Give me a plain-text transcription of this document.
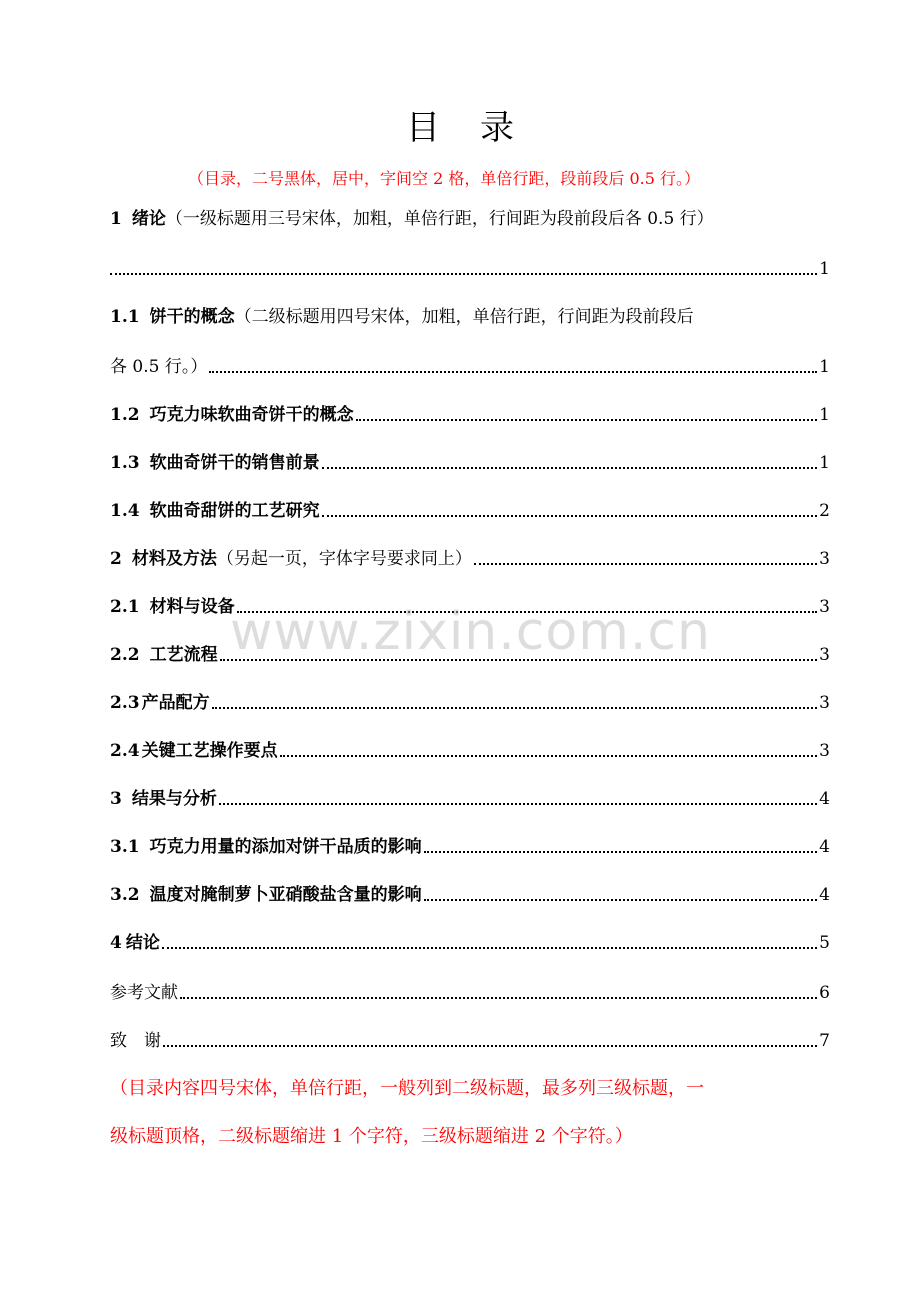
目 录
（目录，二号黑体，居中，字间空 2 格，单倍行距，段前段后 0.5 行。）
1 绪论（一级标题用三号宋体，加粗，单倍行距，行间距为段前段后各 0.5 行）
1
1.1 饼干的概念（二级标题用四号宋体，加粗，单倍行距，行间距为段前段后
各 0.5 行。）	1
1.2 巧克力味软曲奇饼干的概念	1
1.3 软曲奇饼干的销售前景	1
1.4 软曲奇甜饼的工艺研究	2
2 材料及方法（另起一页，字体字号要求同上）	3
2.1 材料与设备	3
2.2 工艺流程	3
2.3 产品配方	3
2.4 关键工艺操作要点	3
3 结果与分析	4
3.1 巧克力用量的添加对饼干品质的影响	4
3.2 温度对腌制萝卜亚硝酸盐含量的影响	4
4 结论	5
参考文献	6
致　谢	7
（目录内容四号宋体，单倍行距，一般列到二级标题，最多列三级标题，一
级标题顶格，二级标题缩进 1 个字符，三级标题缩进 2 个字符。）
www.zixin.com.cn
